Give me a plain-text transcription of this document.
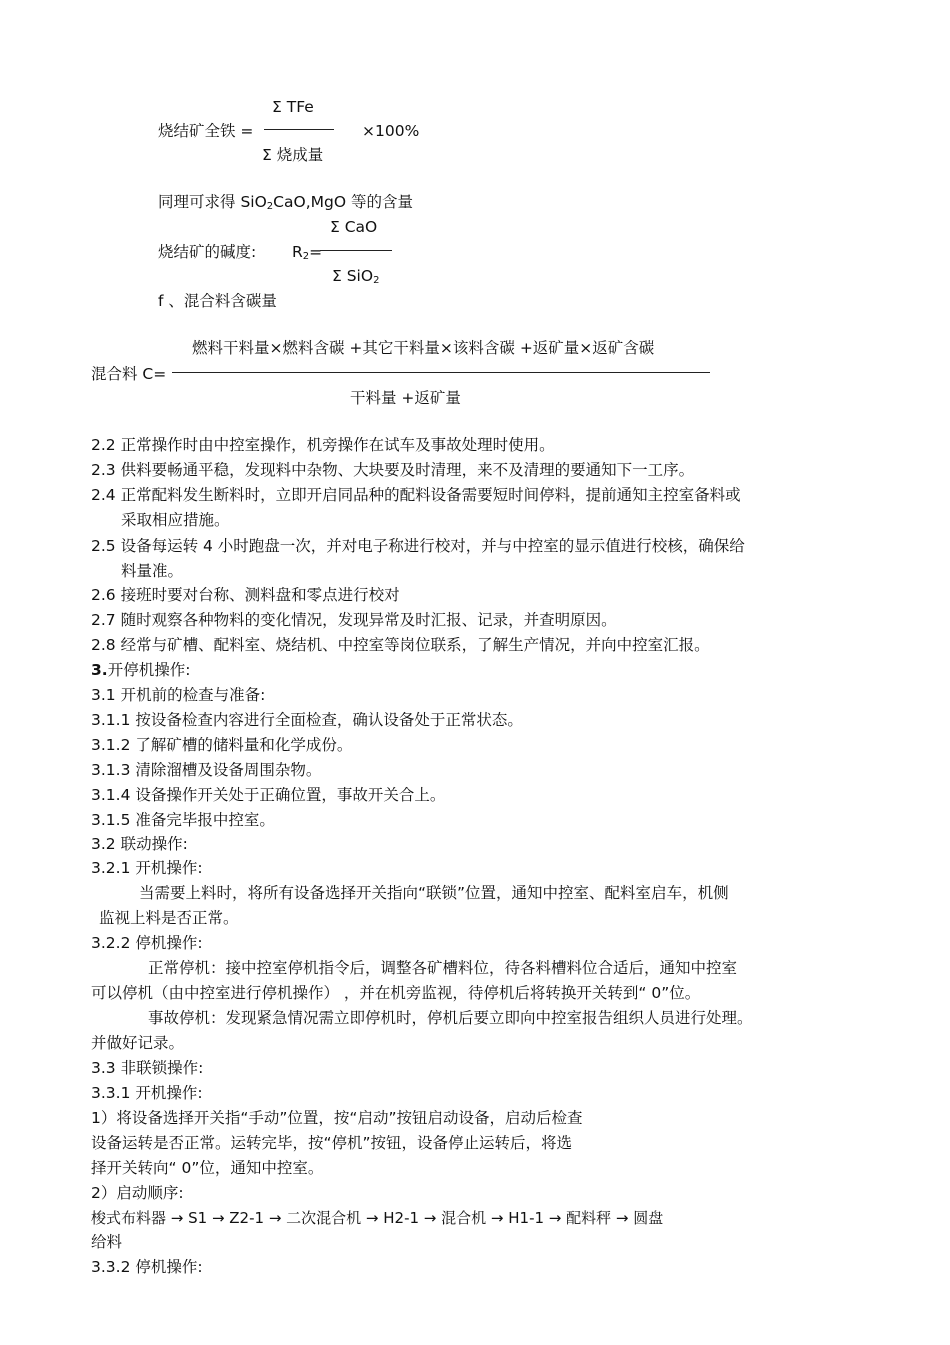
Σ TFe
烧结矿全铁 =	×100%
Σ 烧成量
同理可求得 SiO$_2$CaO,MgO 等的含量
Σ CaO
烧结矿的碱度: $R_2=$
Σ SiO$_2$
f 、混合料含碳量
燃料干料量×燃料含碳 +其它干料量×该料含碳 +返矿量×返矿含碳
混合料 C=
干料量 +返矿量
2.2 正常操作时由中控室操作，机旁操作在试车及事故处理时使用。
2.3 供料要畅通平稳，发现料中杂物、大块要及时清理，来不及清理的要通知下一工序。
2.4 正常配料发生断料时，立即开启同品种的配料设备需要短时间停料，提前通知主控室备料或
采取相应措施。
2.5 设备每运转 4 小时跑盘一次，并对电子称进行校对，并与中控室的显示值进行校核，确保给
料量准。
2.6 接班时要对台称、测料盘和零点进行校对
2.7 随时观察各种物料的变化情况，发现异常及时汇报、记录，并查明原因。
2.8 经常与矿槽、配料室、烧结机、中控室等岗位联系，了解生产情况，并向中控室汇报。
3.开停机操作:
3.1 开机前的检查与准备:
3.1.1 按设备检查内容进行全面检查，确认设备处于正常状态。
3.1.2 了解矿槽的储料量和化学成份。
3.1.3 清除溜槽及设备周围杂物。
3.1.4 设备操作开关处于正确位置，事故开关合上。
3.1.5 准备完毕报中控室。
3.2 联动操作:
3.2.1 开机操作:
当需要上料时，将所有设备选择开关指向“联锁”位置，通知中控室、配料室启车，机侧
监视上料是否正常。
3.2.2 停机操作:
正常停机：接中控室停机指令后，调整各矿槽料位，待各料槽料位合适后，通知中控室
可以停机（由中控室进行停机操作） ，并在机旁监视，待停机后将转换开关转到“ 0”位。
事故停机：发现紧急情况需立即停机时，停机后要立即向中控室报告组织人员进行处理。
并做好记录。
3.3 非联锁操作:
3.3.1 开机操作:
1）将设备选择开关指“手动”位置，按“启动”按钮启动设备，启动后检查
设备运转是否正常。运转完毕，按“停机”按钮，设备停止运转后，将选
择开关转向“ 0”位，通知中控室。
2）启动顺序:
梭式布料器 → S1 → Z2-1 → 二次混合机 → H2-1 → 混合机 → H1-1 → 配料秤 → 圆盘
给料
3.3.2 停机操作:
